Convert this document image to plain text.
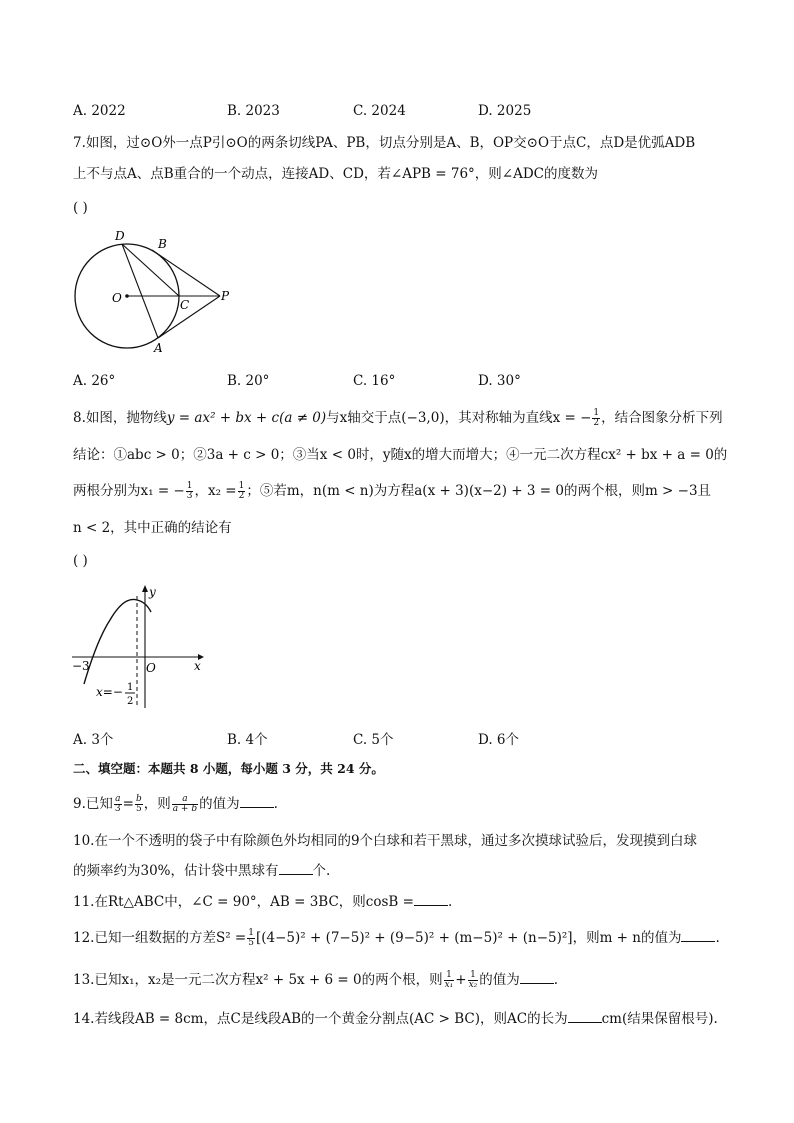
A. 2022	B. 2023	C. 2024	D. 2025
7.如图，过⊙O外一点P引⊙O的两条切线PA、PB，切点分别是A、B，OP交⊙O于点C，点D是优弧ADB
上不与点A、点B重合的一个动点，连接AD、CD，若∠APB = 76°，则∠ADC的度数为
( )
D
B
O	C
P
A
A. 26°	B. 20°	C. 16°	D. 30°
8.如图，抛物线y = ax² + bx + c(a ≠ 0)与x轴交于点(−3,0)，其对称轴为直线x = − $\frac{1}{2}$ ，结合图象分析下列
结论：①abc > 0；②3a + c > 0；③当x < 0时，y随x的增大而增大；④一元二次方程cx² + bx + a = 0的
两根分别为x₁ = − $\frac{1}{3}$ ，$x_2 = \frac{1}{2}$ ；⑤若m，n(m < n)为方程a(x + 3)(x−2) + 3 = 0的两个根，则m > −3且
n < 2，其中正确的结论有
( )
y
x
O
−3
x=− 1
2
A. 3个	B. 4个	C. 5个	D. 6个
二、填空题：本题共 8 小题，每小题 3 分，共 24 分。
9.已知 $\frac{a}{3} = \frac{b}{5}$ ，则 $\frac{a}{a + b}$ 的值为	.
10.在一个不透明的袋子中有除颜色外均相同的9个白球和若干黑球，通过多次摸球试验后，发现摸到白球
的频率约为30%，估计袋中黑球有	个.
11.在Rt△ABC中，∠C = 90°，AB = 3BC，则cosB =	.
12.已知一组数据的方差$S^2 = \frac{1}{5} [(4-5)^2 + (7-5)^2 + (9-5)^2 + (m-5)^2 + (n-5)^2]$，则m + n的值为	.
13.已知x₁，x₂是一元二次方程x² + 5x + 6 = 0的两个根，则 $\frac{1}{\text{x₁}} + \frac{1}{\text{x₂}}$ 的值为	.
14.若线段AB = 8cm，点C是线段AB的一个黄金分割点(AC > BC)，则AC的长为	cm(结果保留根号).
